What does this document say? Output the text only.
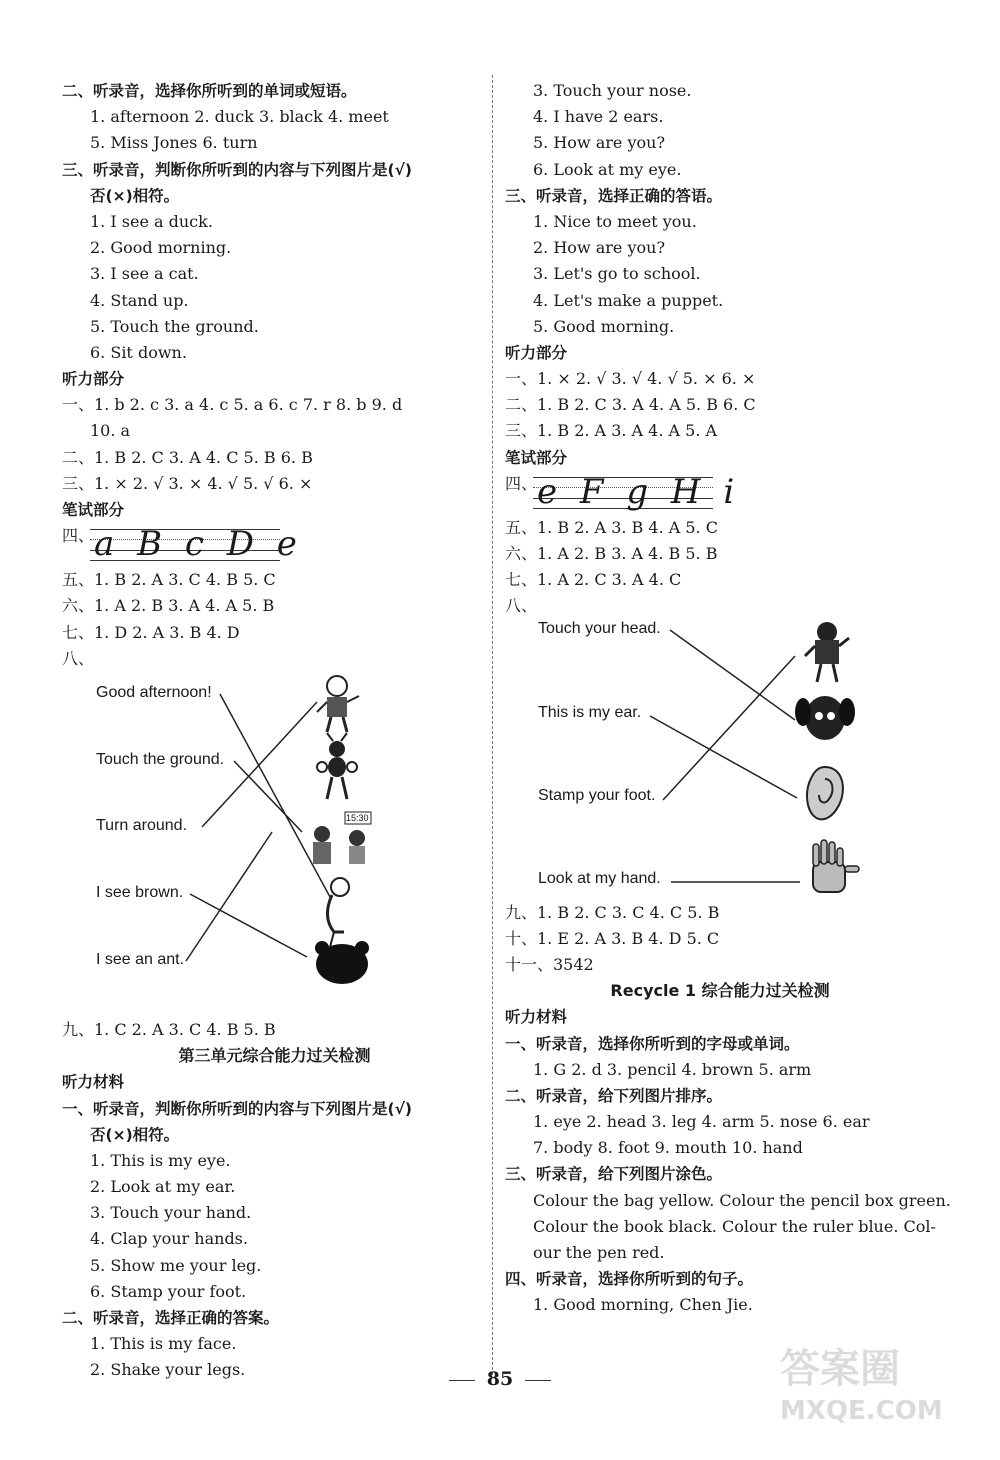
二、听录音，选择你所听到的单词或短语。
1. afternoon 2. duck 3. black 4. meet
5. Miss Jones 6. turn
三、听录音，判断你所听到的内容与下列图片是(√)
否(×)相符。
1. I see a duck.
2. Good morning.
3. I see a cat.
4. Stand up.
5. Touch the ground.
6. Sit down.
听力部分
一、1. b 2. c 3. a 4. c 5. a 6. c 7. r 8. b 9. d
10. a
二、1. B 2. C 3. A 4. C 5. B 6. B
三、1. × 2. √ 3. × 4. √ 5. √ 6. ×
笔试部分
四、 a B c D e
五、1. B 2. A 3. C 4. B 5. C
六、1. A 2. B 3. A 4. A 5. B
七、1. D 2. A 3. B 4. D
八、
Good afternoon!
Touch the ground.
Turn around.
I see brown.
I see an ant.
15:30
九、1. C 2. A 3. C 4. B 5. B
第三单元综合能力过关检测
听力材料
一、听录音，判断你所听到的内容与下列图片是(√)
否(×)相符。
1. This is my eye.
2. Look at my ear.
3. Touch your hand.
4. Clap your hands.
5. Show me your leg.
6. Stamp your foot.
二、听录音，选择正确的答案。
1. This is my face.
2. Shake your legs.
3. Touch your nose.
4. I have 2 ears.
5. How are you?
6. Look at my eye.
三、听录音，选择正确的答语。
1. Nice to meet you.
2. How are you?
3. Let's go to school.
4. Let's make a puppet.
5. Good morning.
听力部分
一、1. × 2. √ 3. √ 4. √ 5. × 6. ×
二、1. B 2. C 3. A 4. A 5. B 6. C
三、1. B 2. A 3. A 4. A 5. A
笔试部分
四、 e F g H i
五、1. B 2. A 3. B 4. A 5. C
六、1. A 2. B 3. A 4. B 5. B
七、1. A 2. C 3. A 4. C
八、
Touch your head.
This is my ear.
Stamp your foot.
Look at my hand.
九、1. B 2. C 3. C 4. C 5. B
十、1. E 2. A 3. B 4. D 5. C
十一、3542
Recycle 1 综合能力过关检测
听力材料
一、听录音，选择你所听到的字母或单词。
1. G 2. d 3. pencil 4. brown 5. arm
二、听录音，给下列图片排序。
1. eye 2. head 3. leg 4. arm 5. nose 6. ear
7. body 8. foot 9. mouth 10. hand
三、听录音，给下列图片涂色。
Colour the bag yellow. Colour the pencil box green.
Colour the book black. Colour the ruler blue. Col-
our the pen red.
四、听录音，选择你所听到的句子。
1. Good morning, Chen Jie.
85	答案圈
MXQE.COM
